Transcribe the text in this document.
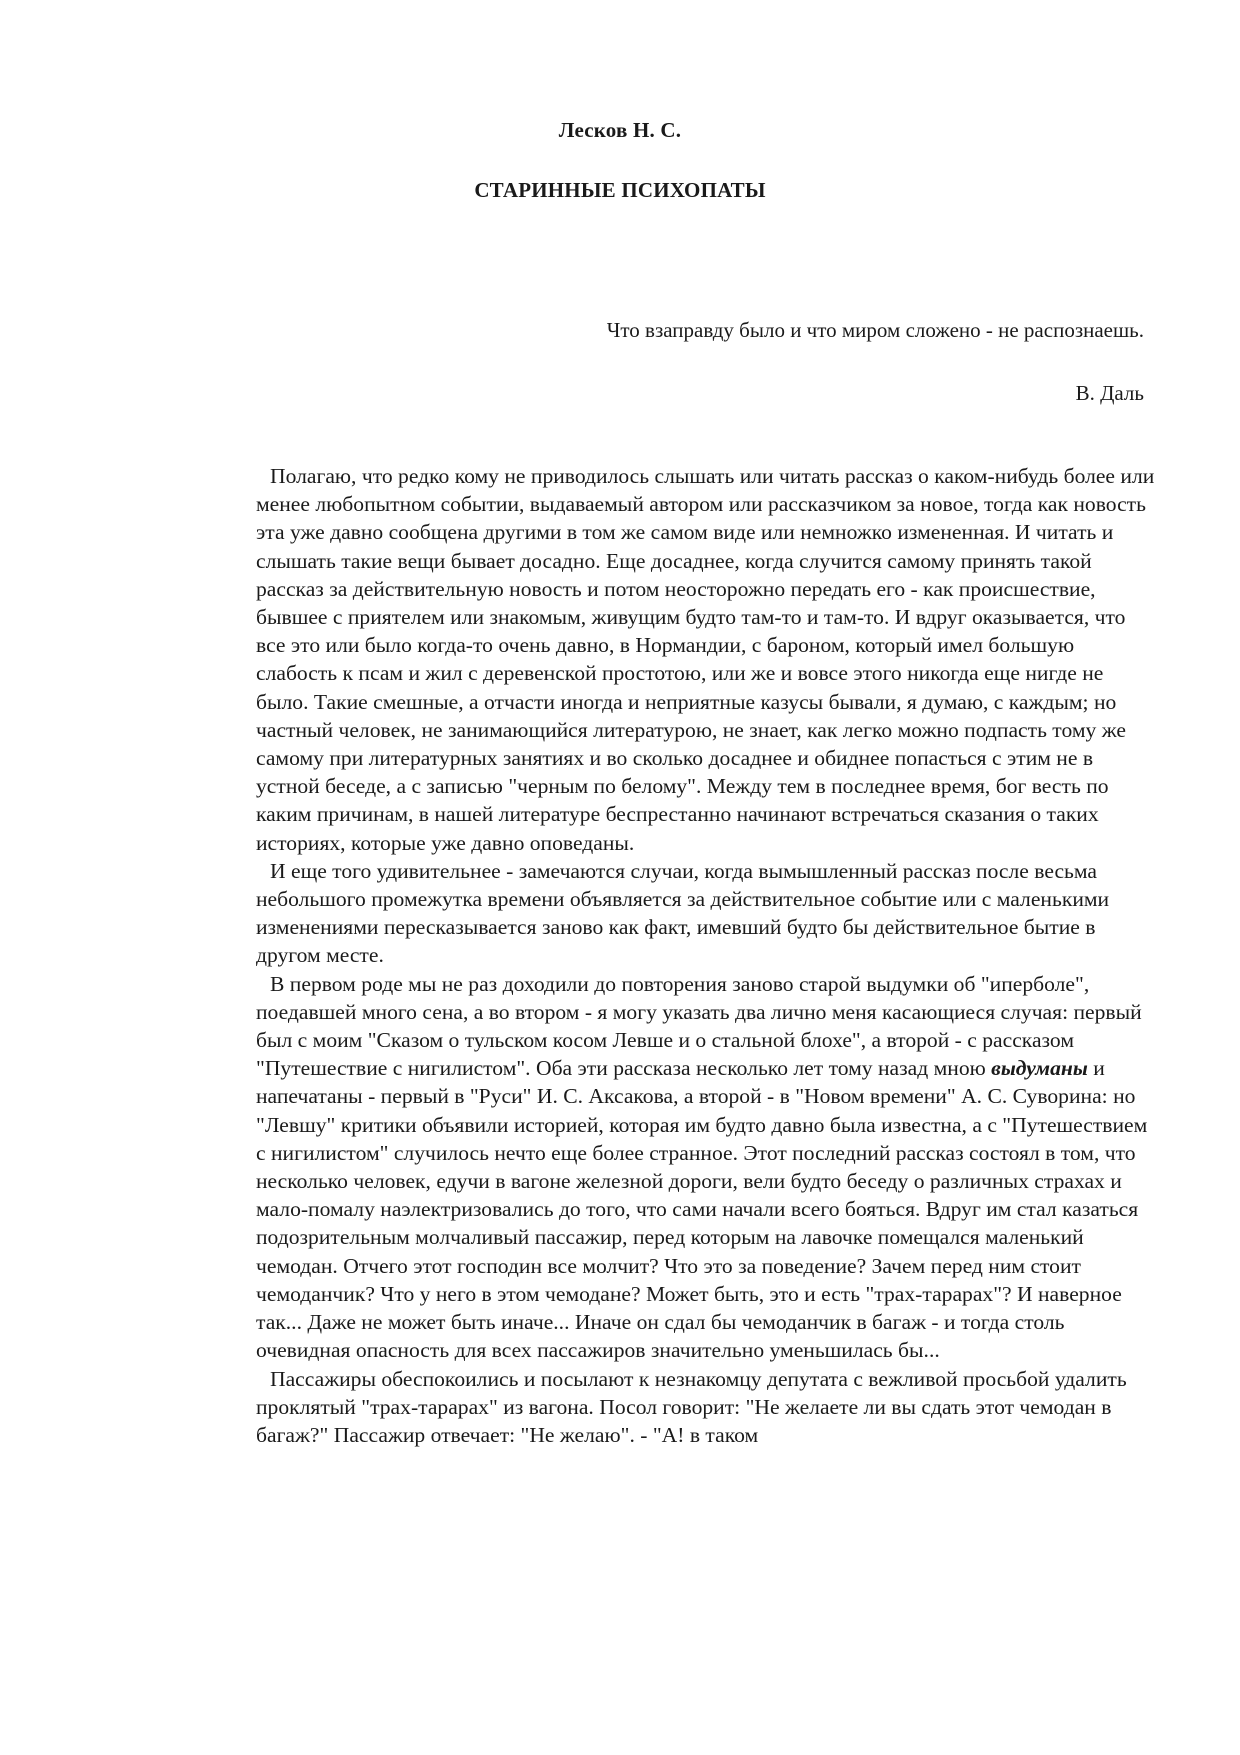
Лесков Н. С.
СТАРИННЫЕ ПСИХОПАТЫ

Что взаправду было и что миром сложено - не распознаешь.

В. Даль

Полагаю, что редко кому не приводилось слышать или читать рассказ о каком-нибудь более или менее любопытном событии, выдаваемый автором или рассказчиком за новое, тогда как новость эта уже давно сообщена другими в том же самом виде или немножко измененная. И читать и слышать такие вещи бывает досадно. Еще досаднее, когда случится самому принять такой рассказ за действительную новость и потом неосторожно передать его - как происшествие, бывшее с приятелем или знакомым, живущим будто там-то и там-то. И вдруг оказывается, что все это или было когда-то очень давно, в Нормандии, с бароном, который имел большую слабость к псам и жил с деревенской простотою, или же и вовсе этого никогда еще нигде не было. Такие смешные, а отчасти иногда и неприятные казусы бывали, я думаю, с каждым; но частный человек, не занимающийся литературою, не знает, как легко можно подпасть тому же самому при литературных занятиях и во сколько досаднее и обиднее попасться с этим не в устной беседе, а с записью "черным по белому". Между тем в последнее время, бог весть по каким причинам, в нашей литературе беспрестанно начинают встречаться сказания о таких историях, которые уже давно оповеданы.

И еще того удивительнее - замечаются случаи, когда вымышленный рассказ после весьма небольшого промежутка времени объявляется за действительное событие или с маленькими изменениями пересказывается заново как факт, имевший будто бы действительное бытие в другом месте.

В первом роде мы не раз доходили до повторения заново старой выдумки об "иперболе", поедавшей много сена, а во втором - я могу указать два лично меня касающиеся случая: первый был с моим "Сказом о тульском косом Левше и о стальной блохе", а второй - с рассказом "Путешествие с нигилистом". Оба эти рассказа несколько лет тому назад мною выдуманы и напечатаны - первый в "Руси" И. С. Аксакова, а второй - в "Новом времени" А. С. Суворина: но "Левшу" критики объявили историей, которая им будто давно была известна, а с "Путешествием с нигилистом" случилось нечто еще более странное. Этот последний рассказ состоял в том, что несколько человек, едучи в вагоне железной дороги, вели будто беседу о различных страхах и мало-помалу наэлектризовались до того, что сами начали всего бояться. Вдруг им стал казаться подозрительным молчаливый пассажир, перед которым на лавочке помещался маленький чемодан. Отчего этот господин все молчит? Что это за поведение? Зачем перед ним стоит чемоданчик? Что у него в этом чемодане? Может быть, это и есть "трах-тарарах"? И наверное так... Даже не может быть иначе... Иначе он сдал бы чемоданчик в багаж - и тогда столь очевидная опасность для всех пассажиров значительно уменьшилась бы...

Пассажиры обеспокоились и посылают к незнакомцу депутата с вежливой просьбой удалить проклятый "трах-тарарах" из вагона. Посол говорит: "Не желаете ли вы сдать этот чемодан в багаж?" Пассажир отвечает: "Не желаю". - "А! в таком
